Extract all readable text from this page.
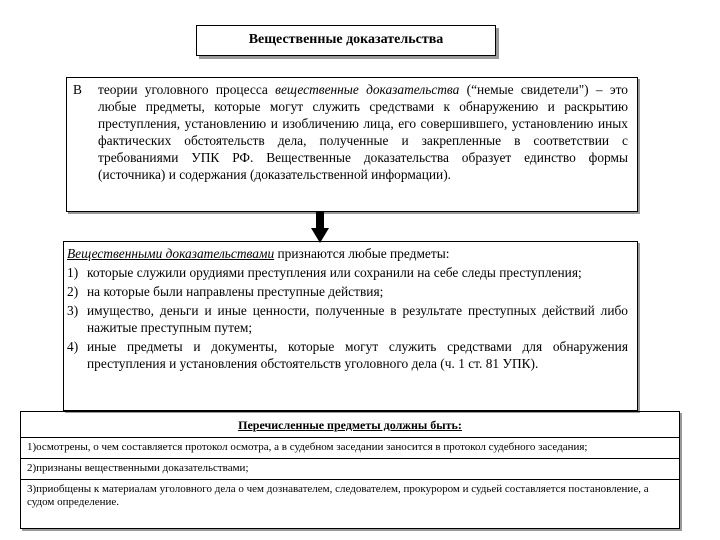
Вещественные доказательства
В	теории уголовного процесса вещественные доказательства (“немые свидетели") – это любые предметы, которые могут служить средствами к обнаружению и раскрытию преступления, установлению и изобличению лица, его совершившего, установлению иных фактических обстоятельств дела, полученные и закрепленные в соответствии с требованиями УПК РФ. Вещественные доказательства образует единство формы (источника) и содержания (доказательственной информации).
Вещественными доказательствами признаются любые предметы:
1) которые служили орудиями преступления или сохранили на себе следы преступления;
2) на которые были направлены преступные действия;
3) имущество, деньги и иные ценности, полученные в результате преступных действий либо нажитые преступным путем;
4) иные предметы и документы, которые могут служить средствами для обнаружения преступления и установления обстоятельств уголовного дела (ч. 1 ст. 81 УПК).
Перечисленные предметы должны быть:
1)осмотрены, о чем составляется протокол осмотра, а в судебном заседании заносится в протокол судебного заседания;
2)признаны вещественными доказательствами;
3)приобщены к материалам уголовного дела о чем дознавателем, следователем, прокурором и судьей составляется постановление, а судом определение.
